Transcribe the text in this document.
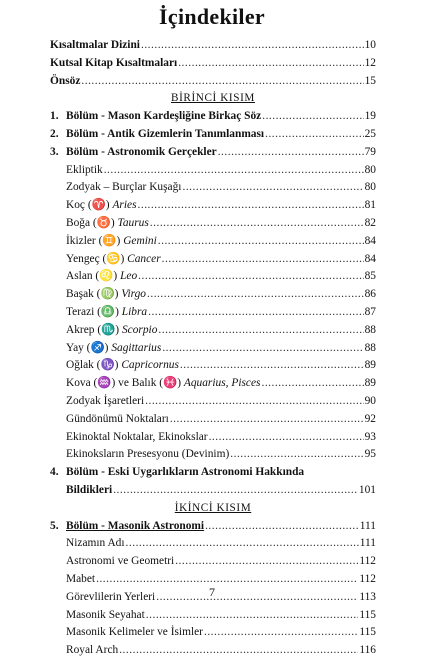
İçindekiler
Kısaltmalar Dizini .....	10
Kutsal Kitap Kısaltmaları .....	12
Önsöz .....	15
BİRİNCİ KISIM
1. Bölüm - Mason Kardeşliğine Birkaç Söz .....	19
2. Bölüm - Antik Gizemlerin Tanımlanması .....	25
3. Bölüm - Astronomik Gerçekler .....	79
Ekliptik .....	80
Zodyak – Burçlar Kuşağı .....	80
Koç (♈) Aries .....	81
Boğa (♉) Taurus .....	82
İkizler (♊) Gemini .....	84
Yengeç (♋) Cancer .....	84
Aslan (♌) Leo .....	85
Başak (♍) Virgo .....	86
Terazi (♎) Libra .....	87
Akrep (♏) Scorpio .....	88
Yay (♐) Sagittarius .....	88
Oğlak (♑) Capricornus .....	89
Kova (♒) ve Balık (♓) Aquarius, Pisces .....	89
Zodyak İşaretleri .....	90
Gündönümü Noktaları .....	92
Ekinoktal Noktalar, Ekinokslar .....	93
Ekinoksların Presesyonu (Devinim) .....	95
4. Bölüm - Eski Uygarlıkların Astronomi Hakkında
Bildikleri .....	101
İKİNCİ KISIM
5. Bölüm - Masonik Astronomi .....	111
Nizamın Adı .....	111
Astronomi ve Geometri .....	112
Mabet .....	112
Görevlilerin Yerleri .....	113
Masonik Seyahat .....	115
Masonik Kelimeler ve İsimler .....	115
Royal Arch .....	116
7
